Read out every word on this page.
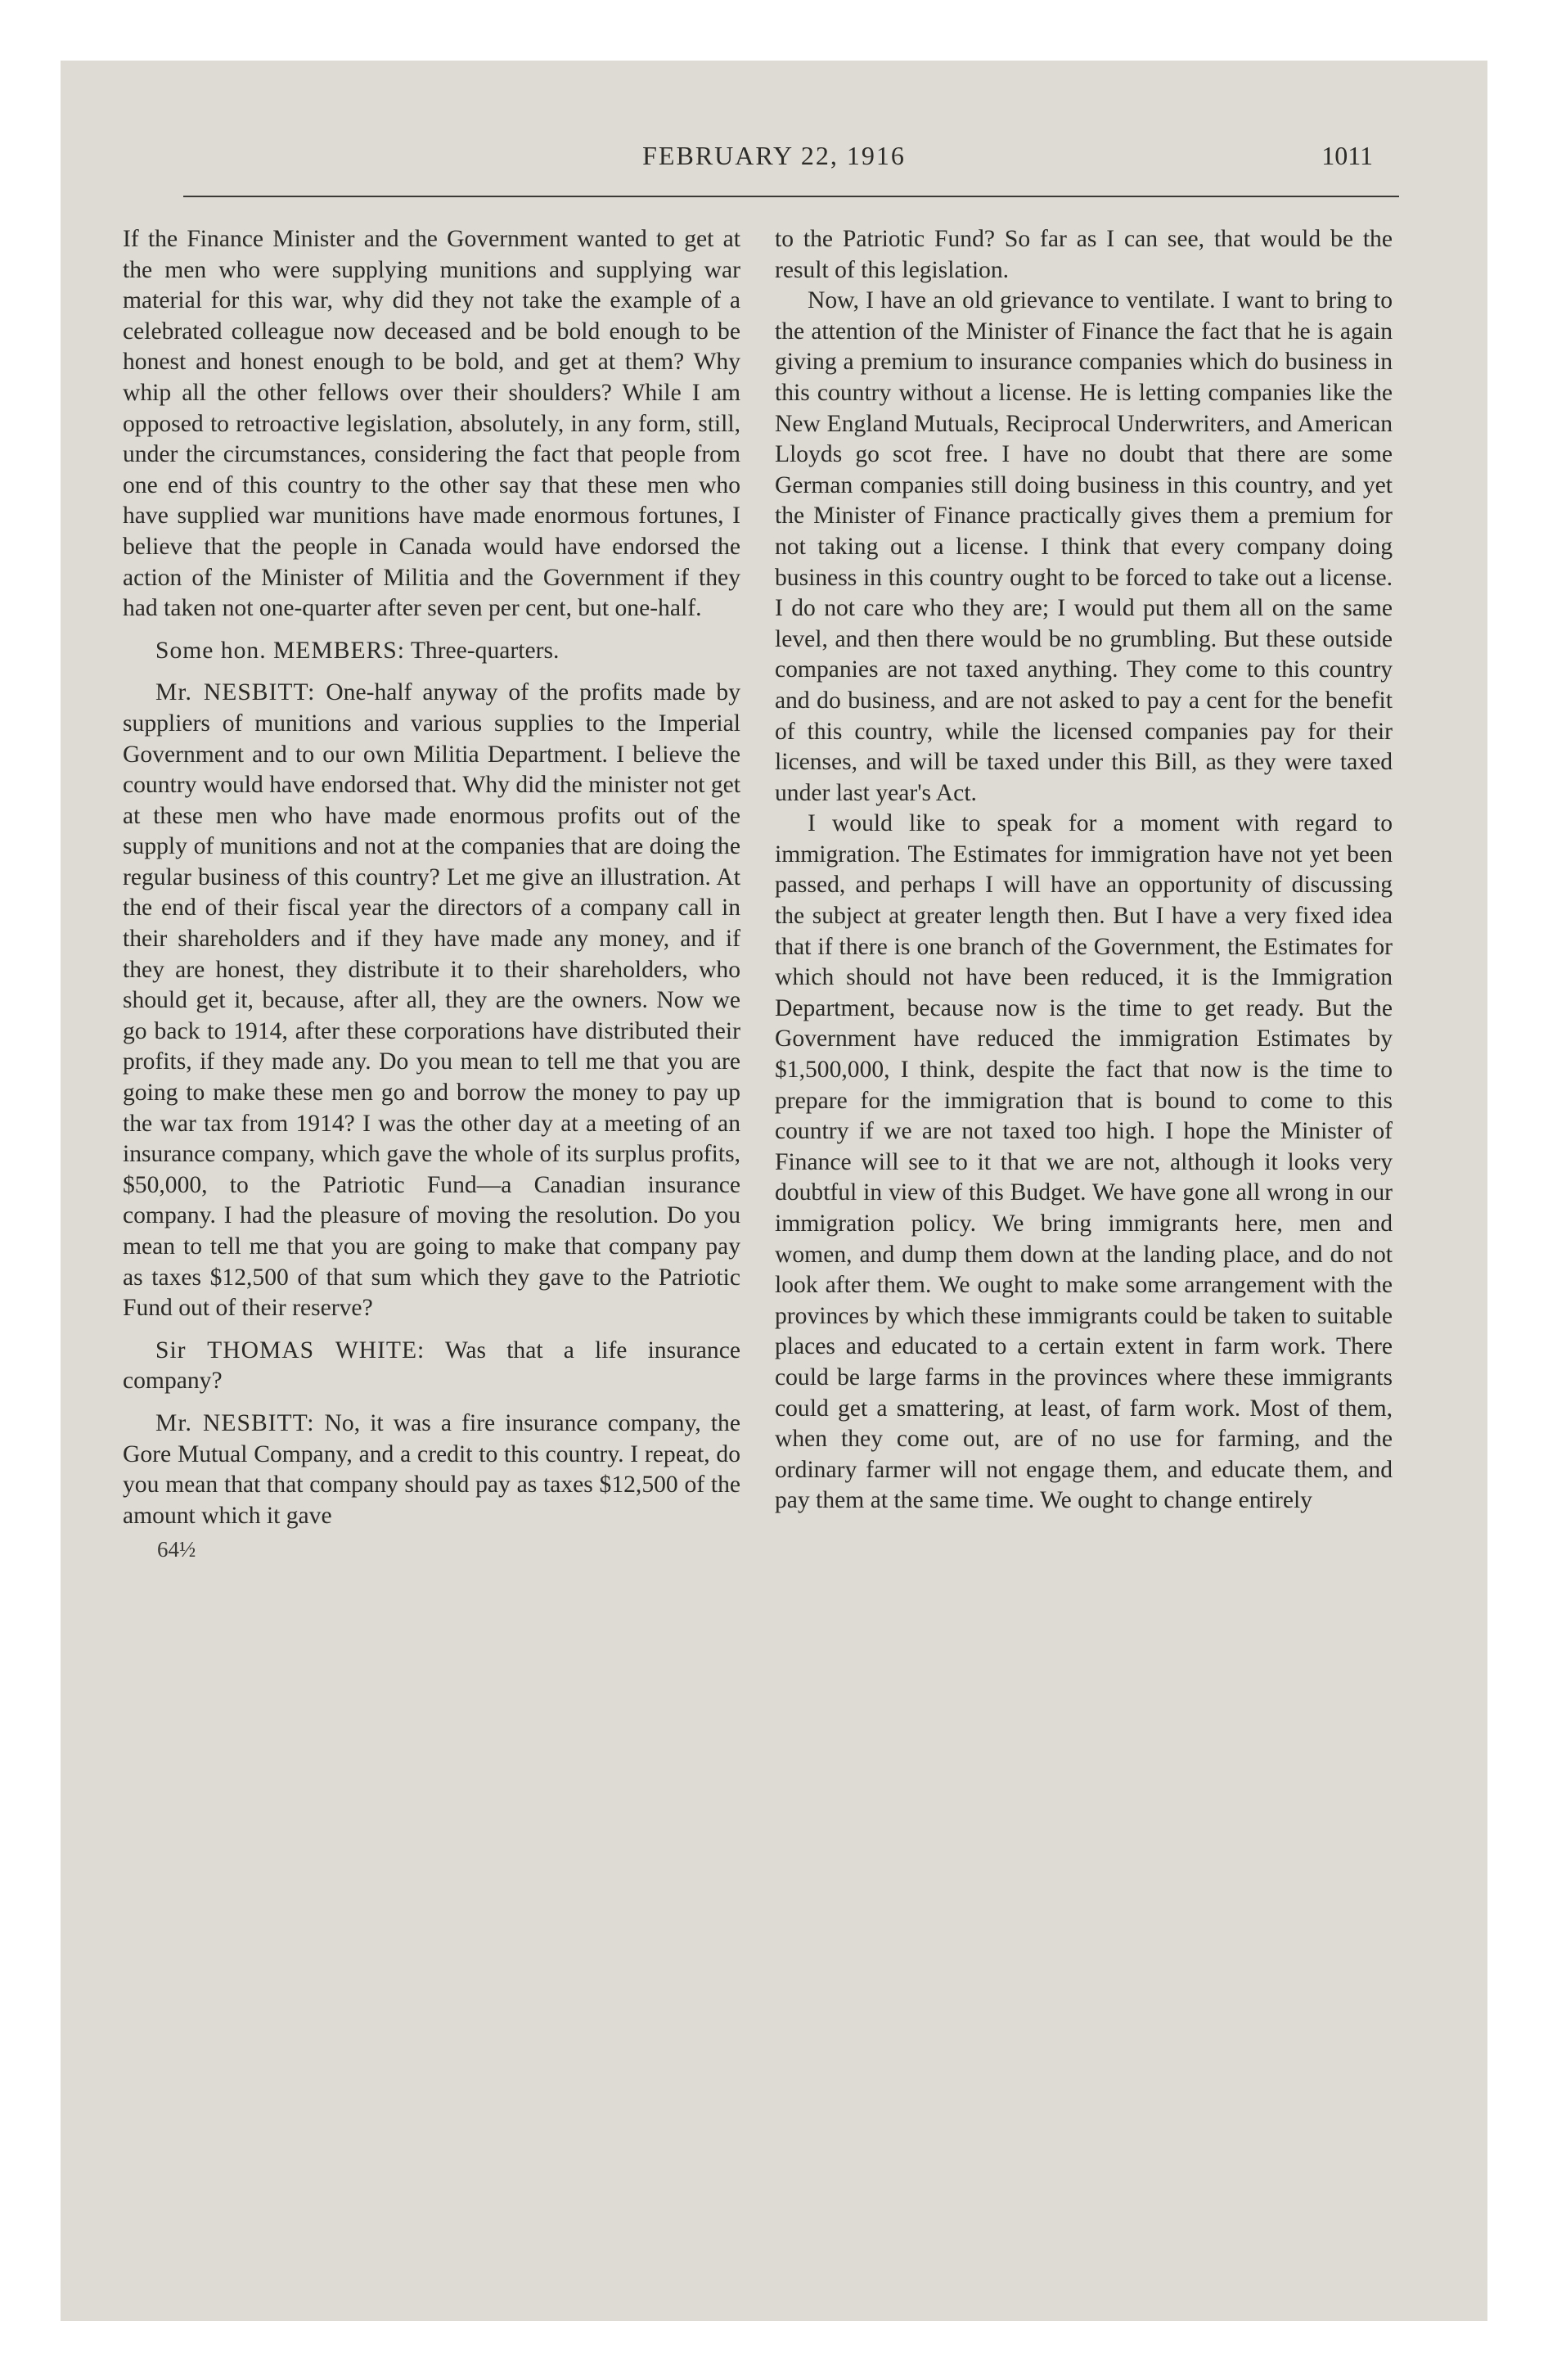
FEBRUARY 22, 1916	1011

If the Finance Minister and the Government wanted to get at the men who were supplying munitions and supplying war material for this war, why did they not take the example of a celebrated colleague now deceased and be bold enough to be honest and honest enough to be bold, and get at them? Why whip all the other fellows over their shoulders? While I am opposed to retroactive legislation, absolutely, in any form, still, under the circumstances, considering the fact that people from one end of this country to the other say that these men who have supplied war munitions have made enormous fortunes, I believe that the people in Canada would have endorsed the action of the Minister of Militia and the Government if they had taken not one-quarter after seven per cent, but one-half.

Some hon. MEMBERS: Three-quarters.

Mr. NESBITT: One-half anyway of the profits made by suppliers of munitions and various supplies to the Imperial Government and to our own Militia Department. I believe the country would have endorsed that. Why did the minister not get at these men who have made enormous profits out of the supply of munitions and not at the companies that are doing the regular business of this country? Let me give an illustration. At the end of their fiscal year the directors of a company call in their shareholders and if they have made any money, and if they are honest, they distribute it to their shareholders, who should get it, because, after all, they are the owners. Now we go back to 1914, after these corporations have distributed their profits, if they made any. Do you mean to tell me that you are going to make these men go and borrow the money to pay up the war tax from 1914? I was the other day at a meeting of an insurance company, which gave the whole of its surplus profits, $50,000, to the Patriotic Fund—a Canadian insurance company. I had the pleasure of moving the resolution. Do you mean to tell me that you are going to make that company pay as taxes $12,500 of that sum which they gave to the Patriotic Fund out of their reserve?

Sir THOMAS WHITE: Was that a life insurance company?

Mr. NESBITT: No, it was a fire insurance company, the Gore Mutual Company, and a credit to this country. I repeat, do you mean that that company should pay as taxes $12,500 of the amount which it gave

64½

to the Patriotic Fund? So far as I can see, that would be the result of this legislation.

Now, I have an old grievance to ventilate. I want to bring to the attention of the Minister of Finance the fact that he is again giving a premium to insurance companies which do business in this country without a license. He is letting companies like the New England Mutuals, Reciprocal Underwriters, and American Lloyds go scot free. I have no doubt that there are some German companies still doing business in this country, and yet the Minister of Finance practically gives them a premium for not taking out a license. I think that every company doing business in this country ought to be forced to take out a license. I do not care who they are; I would put them all on the same level, and then there would be no grumbling. But these outside companies are not taxed anything. They come to this country and do business, and are not asked to pay a cent for the benefit of this country, while the licensed companies pay for their licenses, and will be taxed under this Bill, as they were taxed under last year's Act.

I would like to speak for a moment with regard to immigration. The Estimates for immigration have not yet been passed, and perhaps I will have an opportunity of discussing the subject at greater length then. But I have a very fixed idea that if there is one branch of the Government, the Estimates for which should not have been reduced, it is the Immigration Department, because now is the time to get ready. But the Government have reduced the immigration Estimates by $1,500,000, I think, despite the fact that now is the time to prepare for the immigration that is bound to come to this country if we are not taxed too high. I hope the Minister of Finance will see to it that we are not, although it looks very doubtful in view of this Budget. We have gone all wrong in our immigration policy. We bring immigrants here, men and women, and dump them down at the landing place, and do not look after them. We ought to make some arrangement with the provinces by which these immigrants could be taken to suitable places and educated to a certain extent in farm work. There could be large farms in the provinces where these immigrants could get a smattering, at least, of farm work. Most of them, when they come out, are of no use for farming, and the ordinary farmer will not engage them, and educate them, and pay them at the same time. We ought to change entirely
